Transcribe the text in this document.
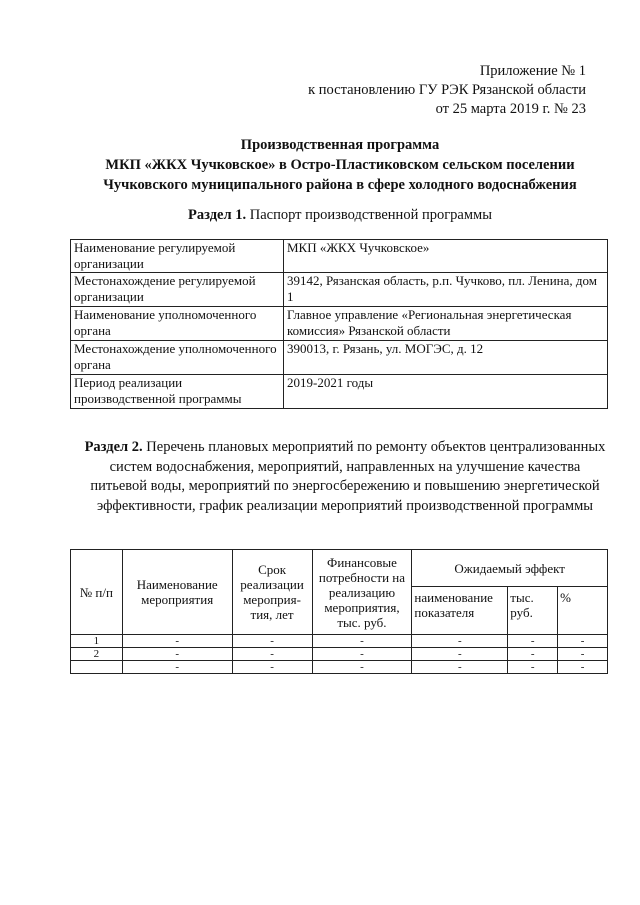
Приложение № 1
к постановлению ГУ РЭК Рязанской области
от 25 марта 2019 г. № 23
Производственная программа
МКП «ЖКХ Чучковское» в Остро-Пластиковском сельском поселении
Чучковского муниципального района в сфере холодного водоснабжения
Раздел 1. Паспорт производственной программы
Наименование регулируемой организации	МКП «ЖКХ Чучковское»
Местонахождение регулируемой организации	39142, Рязанская область, р.п. Чучково, пл. Ленина, дом 1
Наименование уполномоченного органа	Главное управление «Региональная энергетическая комиссия» Рязанской области
Местонахождение уполномоченного органа	390013, г. Рязань, ул. МОГЭС, д. 12
Период реализации производственной программы	2019-2021 годы
Раздел 2. Перечень плановых мероприятий по ремонту объектов централизованных систем водоснабжения, мероприятий, направленных на улучшение качества питьевой воды, мероприятий по энергосбережению и повышению энергетической эффективности, график реализации мероприятий производственной программы
№ п/п	Наименование мероприятия	Срок реализации мероприя-тия, лет	Финансовые потребности на реализацию мероприятия, тыс. руб.	Ожидаемый эффект		
				наименование показателя	тыс. руб.	%
1	-	-	-	-	-	-
2	-	-	-	-	-	-
	-	-	-	-	-	-
